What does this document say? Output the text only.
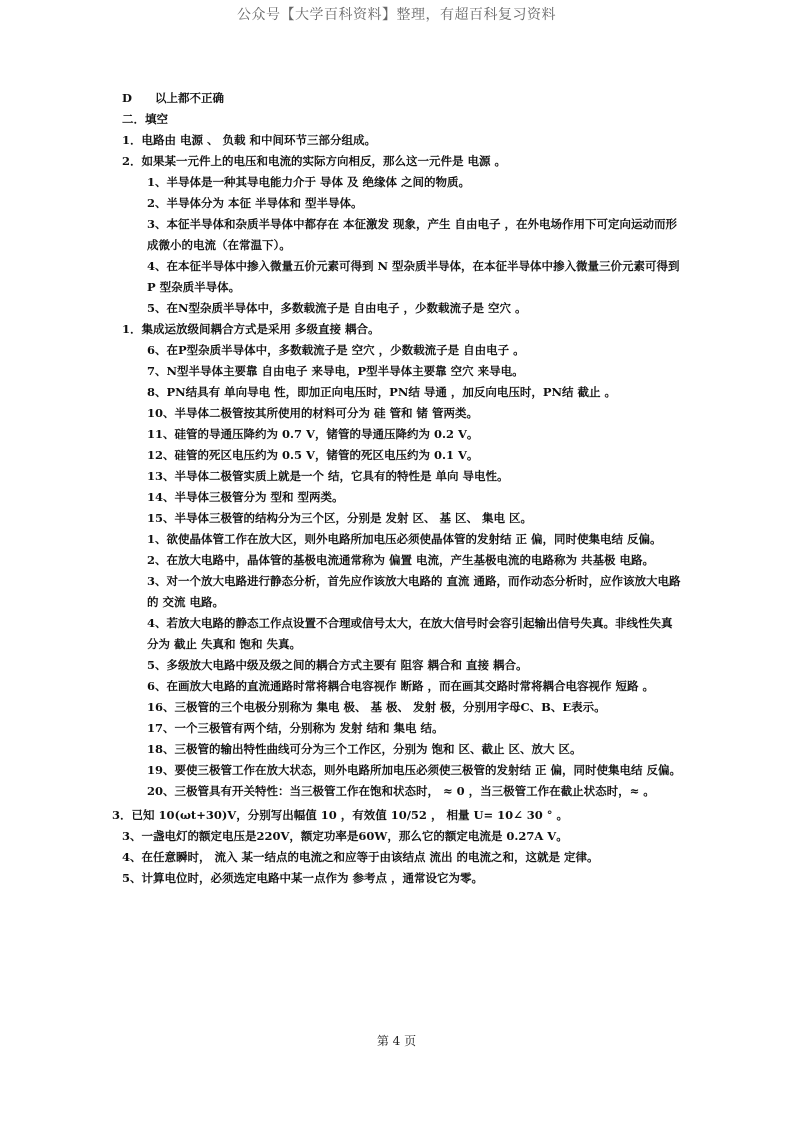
公众号【大学百科资料】整理，有超百科复习资料
D　　以上都不正确
二．填空
1．电路由 电源 、 负载 和中间环节三部分组成。
2．如果某一元件上的电压和电流的实际方向相反，那么这一元件是 电源 。
1、半导体是一种其导电能力介于 导体 及 绝缘体 之间的物质。
2、半导体分为 本征 半导体和 型半导体。
3、本征半导体和杂质半导体中都存在 本征激发 现象，产生 自由电子 ，在外电场作用下可定向运动而形成微小的电流（在常温下）。
4、在本征半导体中掺入微量五价元素可得到 N 型杂质半导体，在本征半导体中掺入微量三价元素可得到 P 型杂质半导体。
5、在N型杂质半导体中，多数载流子是 自由电子 ，少数载流子是 空穴 。
1．集成运放级间耦合方式是采用 多级直接 耦合。
6、在P型杂质半导体中，多数载流子是 空穴 ，少数载流子是 自由电子 。
7、N型半导体主要靠 自由电子 来导电，P型半导体主要靠 空穴 来导电。
8、PN结具有 单向导电 性，即加正向电压时，PN结 导通 ，加反向电压时，PN结 截止 。
10、半导体二极管按其所使用的材料可分为 硅 管和 锗 管两类。
11、硅管的导通压降约为 0.7 V，锗管的导通压降约为 0.2 V。
12、硅管的死区电压约为 0.5 V，锗管的死区电压约为 0.1 V。
13、半导体二极管实质上就是一个 结，它具有的特性是 单向 导电性。
14、半导体三极管分为 型和 型两类。
15、半导体三极管的结构分为三个区，分别是 发射 区、 基 区、 集电 区。
1、欲使晶体管工作在放大区，则外电路所加电压必须使晶体管的发射结 正 偏，同时使集电结 反偏。
2、在放大电路中，晶体管的基极电流通常称为 偏置 电流，产生基极电流的电路称为 共基极 电路。
3、对一个放大电路进行静态分析，首先应作该放大电路的 直流 通路，而作动态分析时，应作该放大电路的 交流 电路。
4、若放大电路的静态工作点设置不合理或信号太大，在放大信号时会容引起输出信号失真。非线性失真分为 截止 失真和 饱和 失真。
5、多级放大电路中级及级之间的耦合方式主要有 阻容 耦合和 直接 耦合。
6、在画放大电路的直流通路时常将耦合电容视作 断路 ，而在画其交路时常将耦合电容视作 短路 。
16、三极管的三个电极分别称为 集电 极、 基 极、 发射 极，分别用字母C、B、E表示。
17、一个三极管有两个结，分别称为 发射 结和 集电 结。
18、三极管的输出特性曲线可分为三个工作区，分别为 饱和 区、截止 区、放大 区。
19、要使三极管工作在放大状态，则外电路所加电压必须使三极管的发射结 正 偏，同时使集电结 反偏。
20、三极管具有开关特性：当三极管工作在饱和状态时， ≈ 0 ，当三极管工作在截止状态时，≈ 。
3．已知 10(ωt+30)V，分别写出幅值 10 ，有效值 10/52 ， 相量 U= 10∠ 30 ° 。
3、一盏电灯的额定电压是220V，额定功率是60W，那么它的额定电流是 0.27A V。
4、在任意瞬时， 流入 某一结点的电流之和应等于由该结点 流出 的电流之和，这就是 定律。
5、计算电位时，必须选定电路中某一点作为 参考点 ，通常设它为零。
第 4 页
